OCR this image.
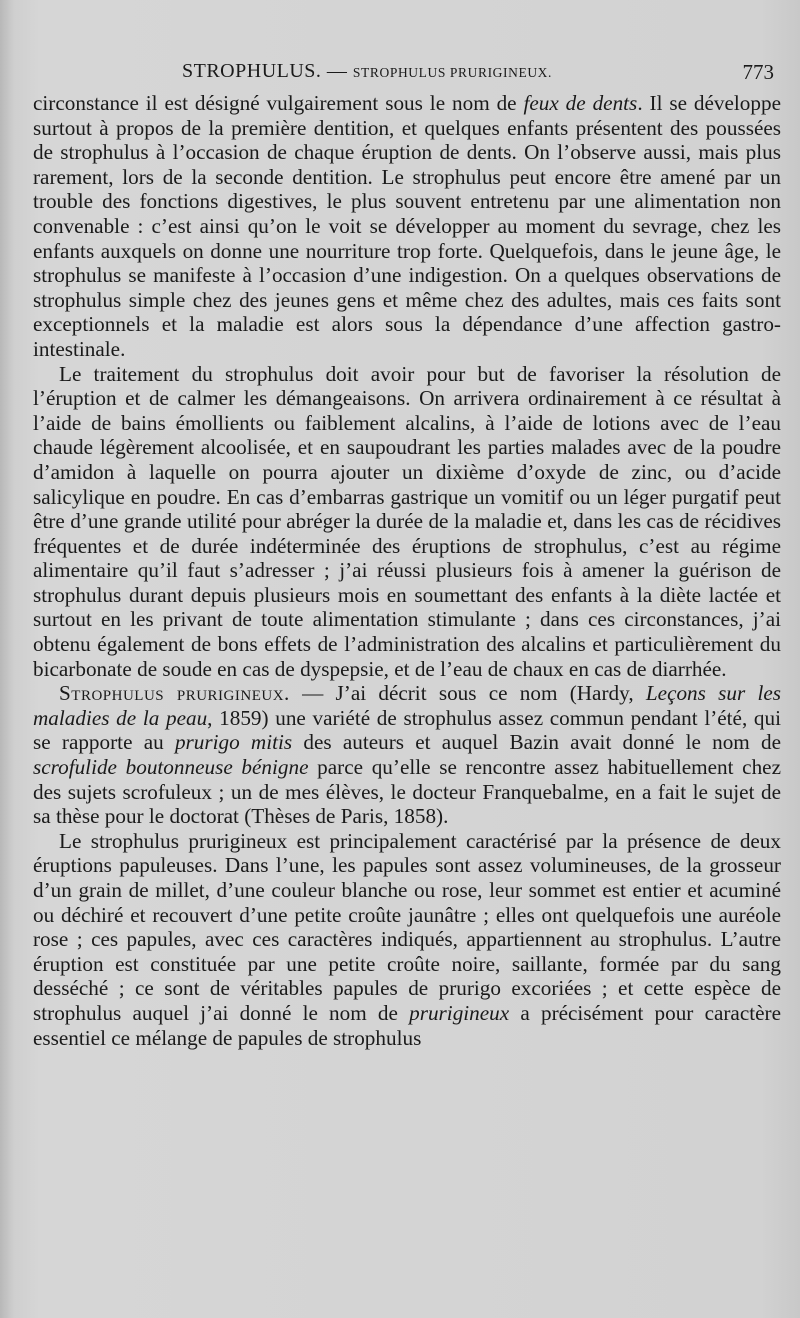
STROPHULUS. — STROPHULUS PRURIGINEUX.	773

circonstance il est désigné vulgairement sous le nom de feux de dents. Il se développe surtout à propos de la première dentition, et quelques enfants présentent des poussées de strophulus à l’occasion de chaque éruption de dents. On l’observe aussi, mais plus rarement, lors de la seconde dentition. Le strophulus peut encore être amené par un trouble des fonctions digestives, le plus souvent entretenu par une alimentation non convenable : c’est ainsi qu’on le voit se développer au moment du sevrage, chez les enfants auxquels on donne une nourriture trop forte. Quelquefois, dans le jeune âge, le strophulus se manifeste à l’occasion d’une indigestion. On a quelques observations de strophulus simple chez des jeunes gens et même chez des adultes, mais ces faits sont exceptionnels et la maladie est alors sous la dépendance d’une affection gastro-intestinale.

Le traitement du strophulus doit avoir pour but de favoriser la résolution de l’éruption et de calmer les démangeaisons. On arrivera ordinairement à ce résultat à l’aide de bains émollients ou faiblement alcalins, à l’aide de lotions avec de l’eau chaude légèrement alcoolisée, et en saupoudrant les parties malades avec de la poudre d’amidon à laquelle on pourra ajouter un dixième d’oxyde de zinc, ou d’acide salicylique en poudre. En cas d’embarras gastrique un vomitif ou un léger purgatif peut être d’une grande utilité pour abréger la durée de la maladie et, dans les cas de récidives fréquentes et de durée indéterminée des éruptions de strophulus, c’est au régime alimentaire qu’il faut s’adresser ; j’ai réussi plusieurs fois à amener la guérison de strophulus durant depuis plusieurs mois en soumettant des enfants à la diète lactée et surtout en les privant de toute alimentation stimulante ; dans ces circonstances, j’ai obtenu également de bons effets de l’administration des alcalins et particulièrement du bicarbonate de soude en cas de dyspepsie, et de l’eau de chaux en cas de diarrhée.

Strophulus prurigineux. — J’ai décrit sous ce nom (Hardy, Leçons sur les maladies de la peau, 1859) une variété de strophulus assez commun pendant l’été, qui se rapporte au prurigo mitis des auteurs et auquel Bazin avait donné le nom de scrofulide boutonneuse bénigne parce qu’elle se rencontre assez habituellement chez des sujets scrofuleux ; un de mes élèves, le docteur Franquebalme, en a fait le sujet de sa thèse pour le doctorat (Thèses de Paris, 1858).

Le strophulus prurigineux est principalement caractérisé par la présence de deux éruptions papuleuses. Dans l’une, les papules sont assez volumineuses, de la grosseur d’un grain de millet, d’une couleur blanche ou rose, leur sommet est entier et acuminé ou déchiré et recouvert d’une petite croûte jaunâtre ; elles ont quelquefois une auréole rose ; ces papules, avec ces caractères indiqués, appartiennent au strophulus. L’autre éruption est constituée par une petite croûte noire, saillante, formée par du sang desséché ; ce sont de véritables papules de prurigo excoriées ; et cette espèce de strophulus auquel j’ai donné le nom de prurigineux a précisément pour caractère essentiel ce mélange de papules de strophulus
